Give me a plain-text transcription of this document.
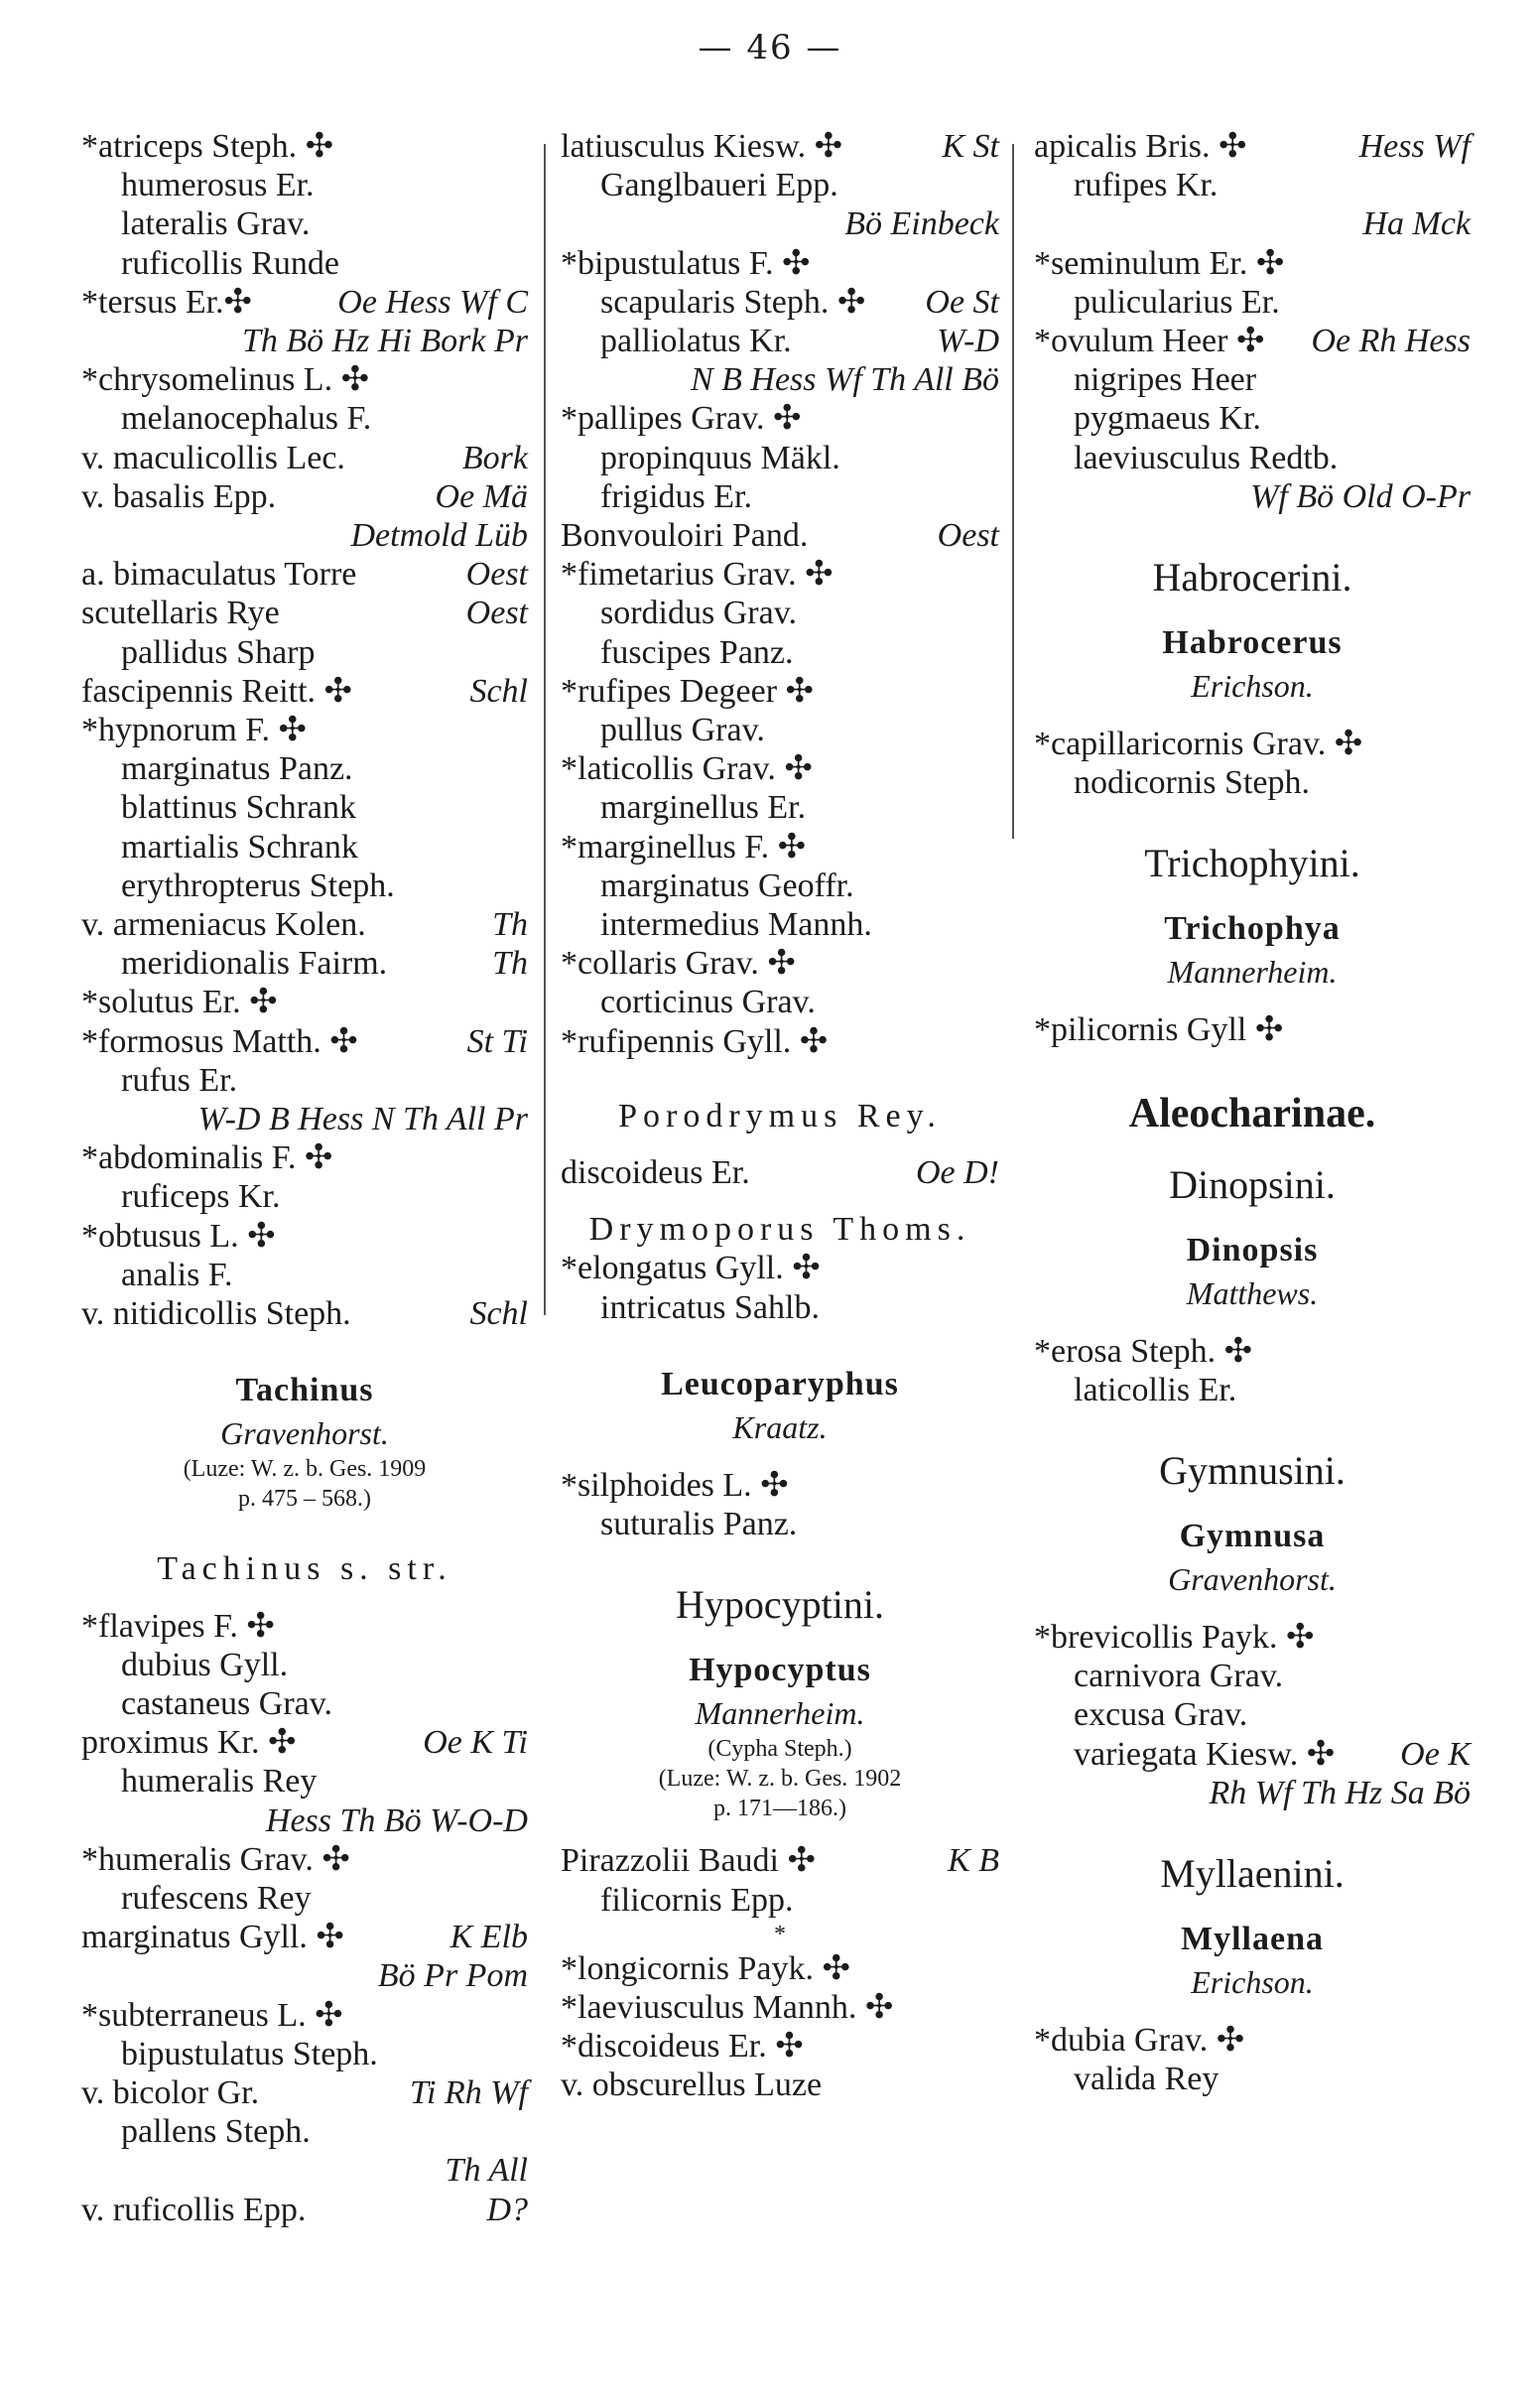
— 46 —
*atriceps Steph. ✣
humerosus Er.
lateralis Grav.
ruficollis Runde
*tersus Er.✣	Oe Hess Wf C
Th Bö Hz Hi Bork Pr
*chrysomelinus L. ✣
melanocephalus F.
v. maculicollis Lec.	Bork
v. basalis Epp.	Oe Mä
Detmold Lüb
a. bimaculatus Torre	Oest
scutellaris Rye	Oest
pallidus Sharp
fascipennis Reitt. ✣	Schl
*hypnorum F. ✣
marginatus Panz.
blattinus Schrank
martialis Schrank
erythropterus Steph.
v. armeniacus Kolen.	Th
meridionalis Fairm.	Th
*solutus Er. ✣
*formosus Matth. ✣	St Ti
rufus Er.
W-D B Hess N Th All Pr
*abdominalis F. ✣
ruficeps Kr.
*obtusus L. ✣
analis F.
v. nitidicollis Steph.	Schl
Tachinus
Gravenhorst.
(Luze: W. z. b. Ges. 1909
p. 475 – 568.)
Tachinus s. str.
*flavipes F. ✣
dubius Gyll.
castaneus Grav.
proximus Kr. ✣	Oe K Ti
humeralis Rey
Hess Th Bö W-O-D
*humeralis Grav. ✣
rufescens Rey
marginatus Gyll. ✣	K Elb
Bö Pr Pom
*subterraneus L. ✣
bipustulatus Steph.
v. bicolor Gr.	Ti Rh Wf
pallens Steph.
Th All
v. ruficollis Epp.	D?
latiusculus Kiesw. ✣	K St
Ganglbaueri Epp.
Bö Einbeck
*bipustulatus F. ✣
scapularis Steph. ✣ Oe St
palliolatus Kr.	W-D
N B Hess Wf Th All Bö
*pallipes Grav. ✣
propinquus Mäkl.
frigidus Er.
Bonvouloiri Pand.	Oest
*fimetarius Grav. ✣
sordidus Grav.
fuscipes Panz.
*rufipes Degeer ✣
pullus Grav.
*laticollis Grav. ✣
marginellus Er.
*marginellus F. ✣
marginatus Geoffr.
intermedius Mannh.
*collaris Grav. ✣
corticinus Grav.
*rufipennis Gyll. ✣
Porodrymus Rey.
discoideus Er.	Oe D!
Drymoporus Thoms.
*elongatus Gyll. ✣
intricatus Sahlb.
Leucoparyphus
Kraatz.
*silphoides L. ✣
suturalis Panz.
Hypocyptini.
Hypocyptus
Mannerheim.
(Cypha Steph.)
(Luze: W. z. b. Ges. 1902
p. 171—186.)
Pirazzolii Baudi ✣	K B
filicornis Epp.
*
*longicornis Payk. ✣
*laeviusculus Mannh. ✣
*discoideus Er. ✣
v. obscurellus Luze
apicalis Bris. ✣	Hess Wf
rufipes Kr.
Ha Mck
*seminulum Er. ✣
pulicularius Er.
*ovulum Heer ✣ Oe Rh Hess
nigripes Heer
pygmaeus Kr.
laeviusculus Redtb.
Wf Bö Old O-Pr
Habrocerini.
Habrocerus
Erichson.
*capillaricornis Grav. ✣
nodicornis Steph.
Trichophyini.
Trichophya
Mannerheim.
*pilicornis Gyll ✣
Aleocharinae.
Dinopsini.
Dinopsis
Matthews.
*erosa Steph. ✣
laticollis Er.
Gymnusini.
Gymnusa
Gravenhorst.
*brevicollis Payk. ✣
carnivora Grav.
excusa Grav.
variegata Kiesw. ✣ Oe K
Rh Wf Th Hz Sa Bö
Myllaenini.
Myllaena
Erichson.
*dubia Grav. ✣
valida Rey
